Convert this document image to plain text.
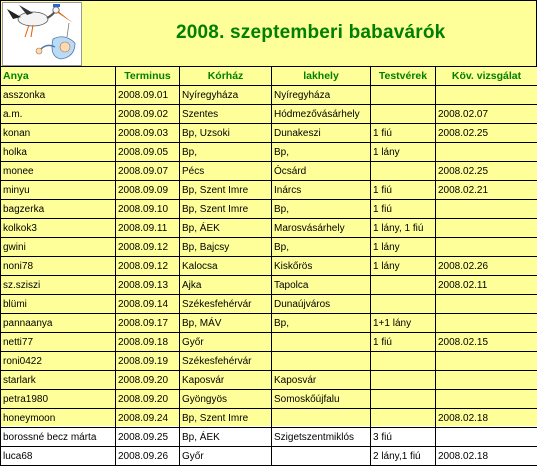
2008. szeptemberi babavárók
Anya	Terminus	Kórház	lakhely	Testvérek	Köv. vizsgálat
asszonka	2008.09.01	Nyíregyháza	Nyíregyháza		
a.m.	2008.09.02	Szentes	Hódmezővásárhely		2008.02.07
konan	2008.09.03	Bp, Uzsoki	Dunakeszi	1 fiú	2008.02.25
holka	2008.09.05	Bp,	Bp,	1 lány	
monee	2008.09.07	Pécs	Ócsárd		2008.02.25
minyu	2008.09.09	Bp, Szent Imre	Inárcs	1 fiú	2008.02.21
bagzerka	2008.09.10	Bp, Szent Imre	Bp,	1 fiú	
kolkok3	2008.09.11	Bp, ÁEK	Marosvásárhely	1 lány, 1 fiú	
gwini	2008.09.12	Bp, Bajcsy	Bp,	1 lány	
noni78	2008.09.12	Kalocsa	Kiskőrös	1 lány	2008.02.26
sz.sziszi	2008.09.13	Ajka	Tapolca		2008.02.11
blümi	2008.09.14	Székesfehérvár	Dunaújváros		
pannaanya	2008.09.17	Bp, MÁV	Bp,	1+1 lány	
netti77	2008.09.18	Győr		1 fiú	2008.02.15
roni0422	2008.09.19	Székesfehérvár			
starlark	2008.09.20	Kaposvár	Kaposvár		
petra1980	2008.09.20	Gyöngyös	Somoskőújfalu		
honeymoon	2008.09.24	Bp, Szent Imre			2008.02.18
borossné becz márta	2008.09.25	Bp, ÁEK	Szigetszentmiklós	3 fiú	
luca68	2008.09.26	Győr		2 lány,1 fiú	2008.02.18
